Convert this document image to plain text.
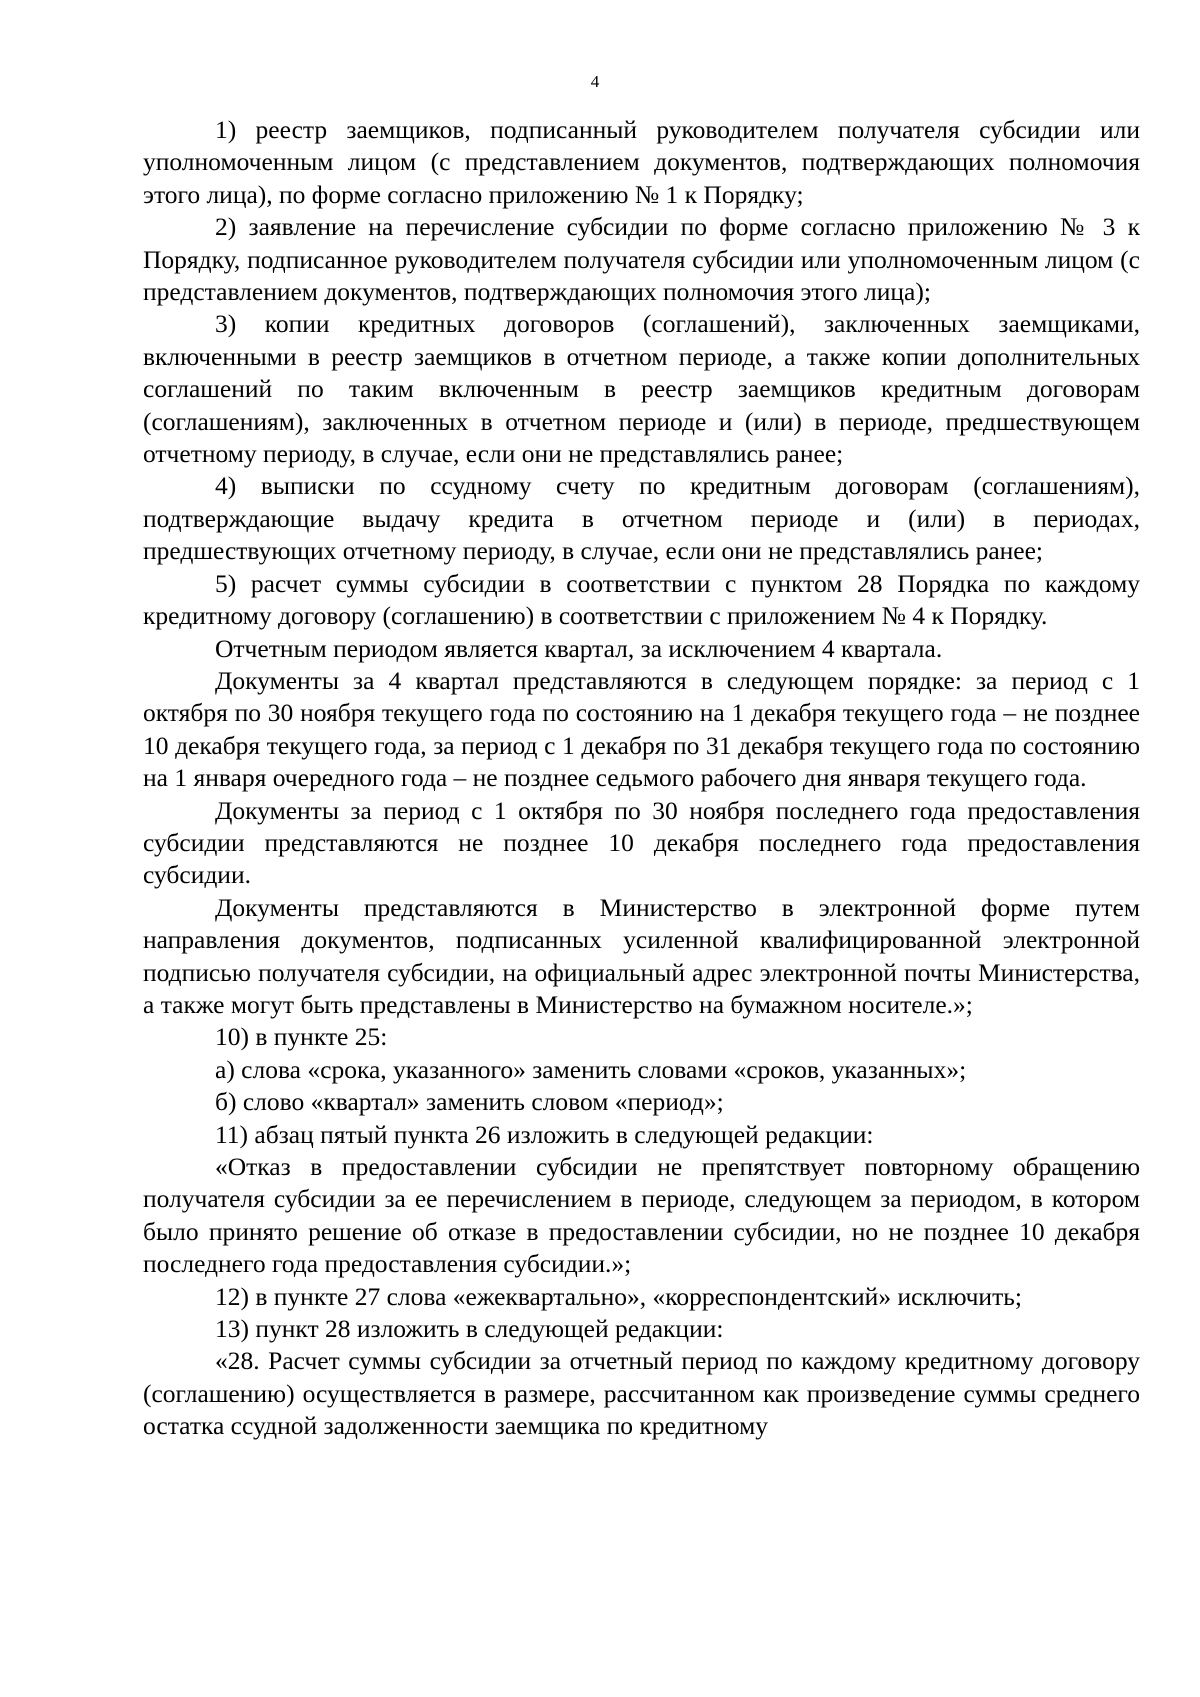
4

1) реестр заемщиков, подписанный руководителем получателя субсидии или уполномоченным лицом (с представлением документов, подтверждающих полномочия этого лица), по форме согласно приложению № 1 к Порядку;

2) заявление на перечисление субсидии по форме согласно приложению № 3 к Порядку, подписанное руководителем получателя субсидии или уполномоченным лицом (с представлением документов, подтверждающих полномочия этого лица);

3) копии кредитных договоров (соглашений), заключенных заемщиками, включенными в реестр заемщиков в отчетном периоде, а также копии дополнительных соглашений по таким включенным в реестр заемщиков кредитным договорам (соглашениям), заключенных в отчетном периоде и (или) в периоде, предшествующем отчетному периоду, в случае, если они не представлялись ранее;

4) выписки по ссудному счету по кредитным договорам (соглашениям), подтверждающие выдачу кредита в отчетном периоде и (или) в периодах, предшествующих отчетному периоду, в случае, если они не представлялись ранее;

5) расчет суммы субсидии в соответствии с пунктом 28 Порядка по каждому кредитному договору (соглашению) в соответствии с приложением № 4 к Порядку.

Отчетным периодом является квартал, за исключением 4 квартала.

Документы за 4 квартал представляются в следующем порядке: за период с 1 октября по 30 ноября текущего года по состоянию на 1 декабря текущего года – не позднее 10 декабря текущего года, за период с 1 декабря по 31 декабря текущего года по состоянию на 1 января очередного года – не позднее седьмого рабочего дня января текущего года.

Документы за период с 1 октября по 30 ноября последнего года предоставления субсидии представляются не позднее 10 декабря последнего года предоставления субсидии.

Документы представляются в Министерство в электронной форме путем направления документов, подписанных усиленной квалифицированной электронной подписью получателя субсидии, на официальный адрес электронной почты Министерства, а также могут быть представлены в Министерство на бумажном носителе.»;

10) в пункте 25:

а) слова «срока, указанного» заменить словами «сроков, указанных»;

б) слово «квартал» заменить словом «период»;

11) абзац пятый пункта 26 изложить в следующей редакции:

«Отказ в предоставлении субсидии не препятствует повторному обращению получателя субсидии за ее перечислением в периоде, следующем за периодом, в котором было принято решение об отказе в предоставлении субсидии, но не позднее 10 декабря последнего года предоставления субсидии.»;

12) в пункте 27 слова «ежеквартально», «корреспондентский» исключить;

13) пункт 28 изложить в следующей редакции:

«28. Расчет суммы субсидии за отчетный период по каждому кредитному договору (соглашению) осуществляется в размере, рассчитанном как произведение суммы среднего остатка ссудной задолженности заемщика по кредитному
